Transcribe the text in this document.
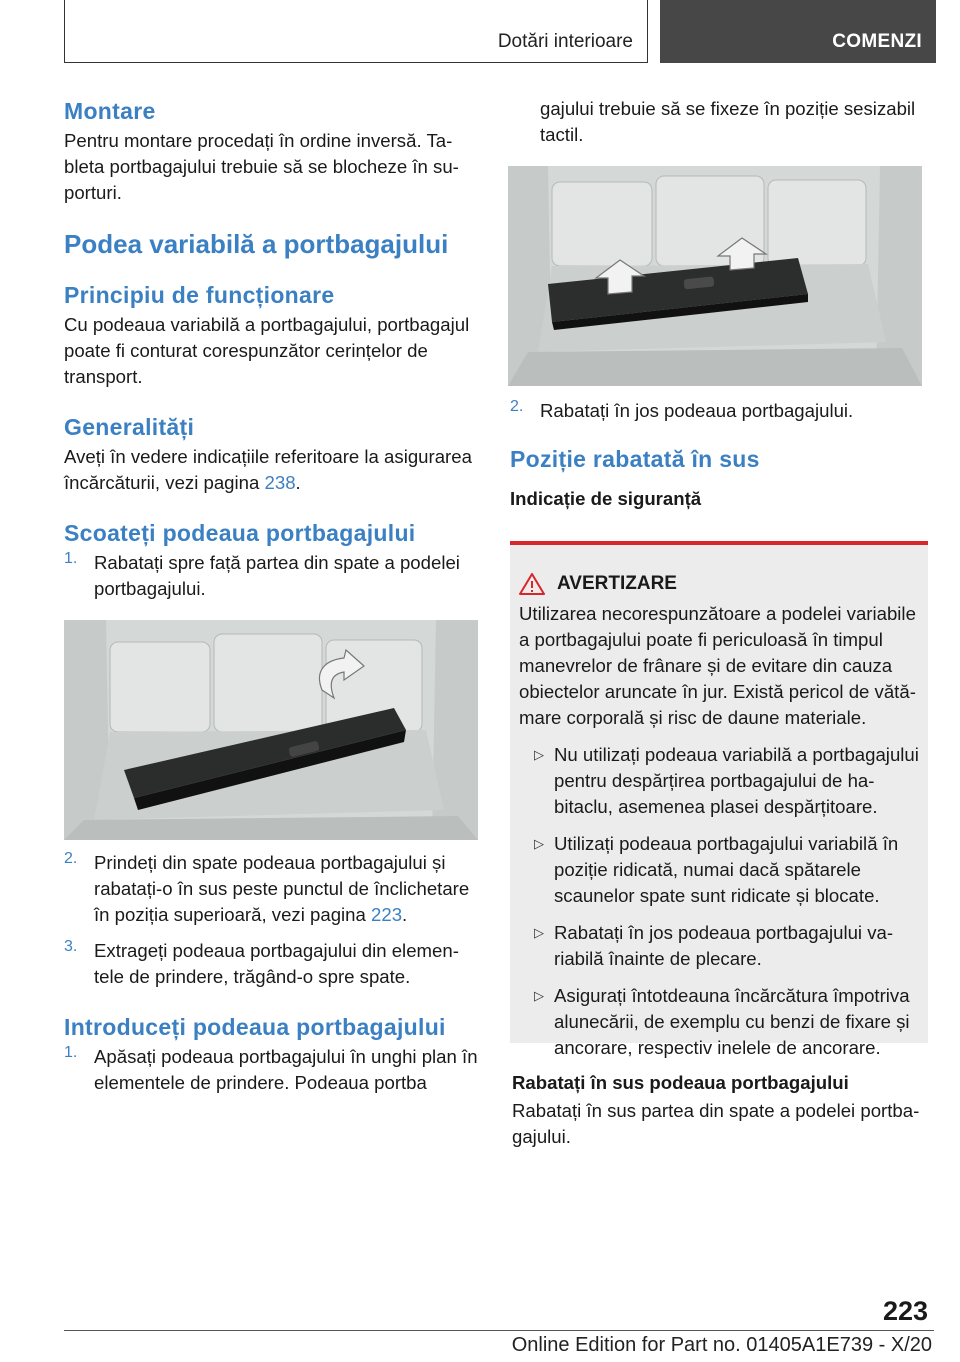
Dotări interioare	COMENZI
Montare

Pentru montare procedați în ordine inversă. Tableta portbagajului trebuie să se blocheze în suporturi.

Podea variabilă a portbagajului
Principiu de funcționare

Cu podeaua variabilă a portbagajului, portbagajul poate fi conturat corespunzător cerințelor de transport.

Generalități

Aveți în vedere indicațiile referitoare la asigurarea încărcăturii, vezi pagina 238.

Scoateți podeaua portbagajului
1. Rabatați spre față partea din spate a podelei portbagajului.

2. Prindeți din spate podeaua portbagajului și rabatați-o în sus peste punctul de înclichetare în poziția superioară, vezi pagina 223.

3. Extrageți podeaua portbagajului din elementele de prindere, trăgând-o spre spate.

Introduceți podeaua portbagajului
1. Apăsați podeaua portbagajului în unghi plan în elementele de prindere. Podeaua portba

gajului trebuie să se fixeze în poziție sesizabil tactil.

2. Rabatați în jos podeaua portbagajului.

Poziție rabatată în sus

Indicație de siguranță

AVERTIZARE

Utilizarea necorespunzătoare a podelei variabile a portbagajului poate fi periculoasă în timpul manevrelor de frânare și de evitare din cauza obiectelor aruncate în jur. Există pericol de vătămare corporală și risc de daune materiale.

▷ Nu utilizați podeaua variabilă a portbagajului pentru despărțirea portbagajului de habitaclu, asemenea plasei despărțitoare.

▷ Utilizați podeaua portbagajului variabilă în poziție ridicată, numai dacă spătarele scaunelor spate sunt ridicate și blocate.

▷ Rabatați în jos podeaua portbagajului variabilă înainte de plecare.

▷ Asigurați întotdeauna încărcătura împotriva alunecării, de exemplu cu benzi de fixare și ancorare, respectiv inelele de ancorare.

Rabatați în sus podeaua portbagajului

Rabatați în sus partea din spate a podelei portbagajului.

223
Online Edition for Part no. 01405A1E739 - X/20
